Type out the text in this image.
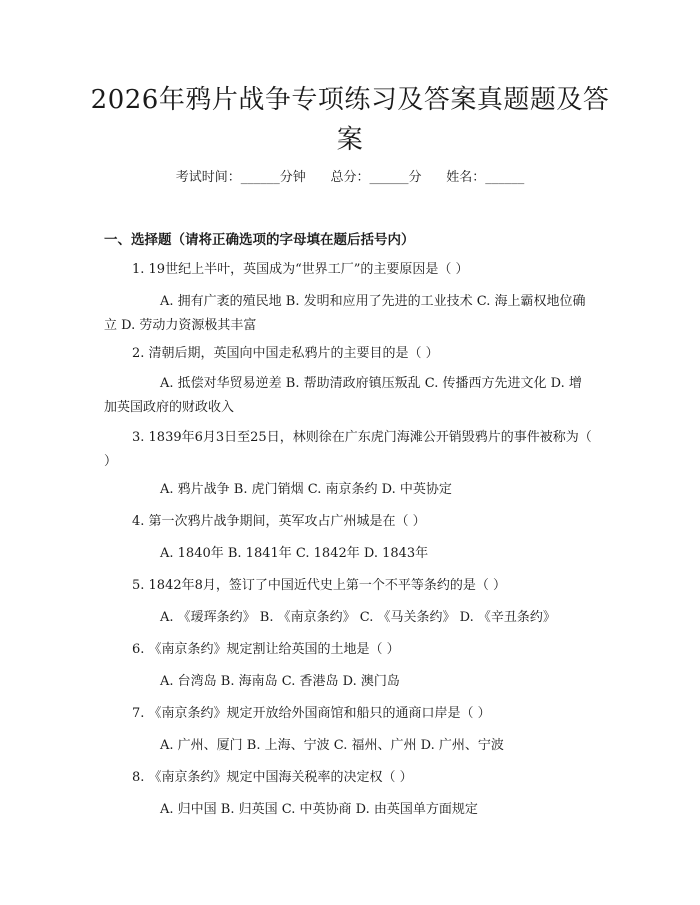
2026年鸦片战争专项练习及答案真题题及答案
考试时间：______分钟      总分：______分      姓名：______
一、选择题（请将正确选项的字母填在题后括号内）

1. 19世纪上半叶，英国成为“世界工厂”的主要原因是（ ）

A. 拥有广袤的殖民地 B. 发明和应用了先进的工业技术 C. 海上霸权地位确立 D. 劳动力资源极其丰富

2. 清朝后期，英国向中国走私鸦片的主要目的是（ ）

A. 抵偿对华贸易逆差 B. 帮助清政府镇压叛乱 C. 传播西方先进文化 D. 增加英国政府的财政收入

3. 1839年6月3日至25日，林则徐在广东虎门海滩公开销毁鸦片的事件被称为（ ）

A. 鸦片战争 B. 虎门销烟 C. 南京条约 D. 中英协定

4. 第一次鸦片战争期间，英军攻占广州城是在（ ）

A. 1840年 B. 1841年 C. 1842年 D. 1843年

5. 1842年8月，签订了中国近代史上第一个不平等条约的是（ ）

A. 《瑷珲条约》 B. 《南京条约》 C. 《马关条约》 D. 《辛丑条约》

6. 《南京条约》规定割让给英国的土地是（ ）

A. 台湾岛 B. 海南岛 C. 香港岛 D. 澳门岛

7. 《南京条约》规定开放给外国商馆和船只的通商口岸是（ ）

A. 广州、厦门 B. 上海、宁波 C. 福州、广州 D. 广州、宁波

8. 《南京条约》规定中国海关税率的决定权（ ）

A. 归中国 B. 归英国 C. 中英协商 D. 由英国单方面规定
